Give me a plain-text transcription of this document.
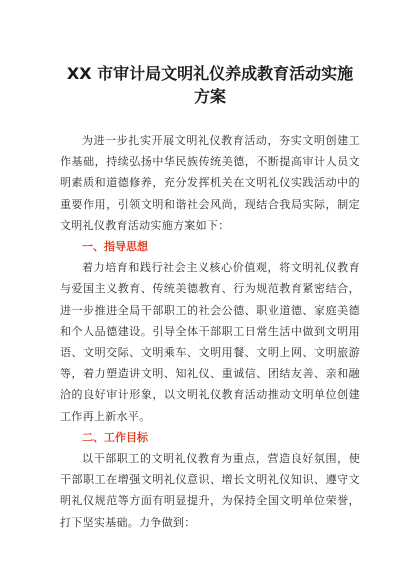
XX 市审计局文明礼仪养成教育活动实施方案

为进一步扎实开展文明礼仪教育活动，夯实文明创建工作基础，持续弘扬中华民族传统美德，不断提高审计人员文明素质和道德修养，充分发挥机关在文明礼仪实践活动中的重要作用，引领文明和谐社会风尚，现结合我局实际，制定文明礼仪教育活动实施方案如下：

一、指导思想

着力培育和践行社会主义核心价值观，将文明礼仪教育与爱国主义教育、传统美德教育、行为规范教育紧密结合，进一步推进全局干部职工的社会公德、职业道德、家庭美德和个人品德建设。引导全体干部职工日常生活中做到文明用语、文明交际、文明乘车、文明用餐、文明上网、文明旅游等，着力塑造讲文明、知礼仪、重诚信、团结友善、亲和融洽的良好审计形象，以文明礼仪教育活动推动文明单位创建工作再上新水平。

二、工作目标

以干部职工的文明礼仪教育为重点，营造良好氛围，使干部职工在增强文明礼仪意识、增长文明礼仪知识、遵守文明礼仪规范等方面有明显提升，为保持全国文明单位荣誉，打下坚实基础。力争做到：
